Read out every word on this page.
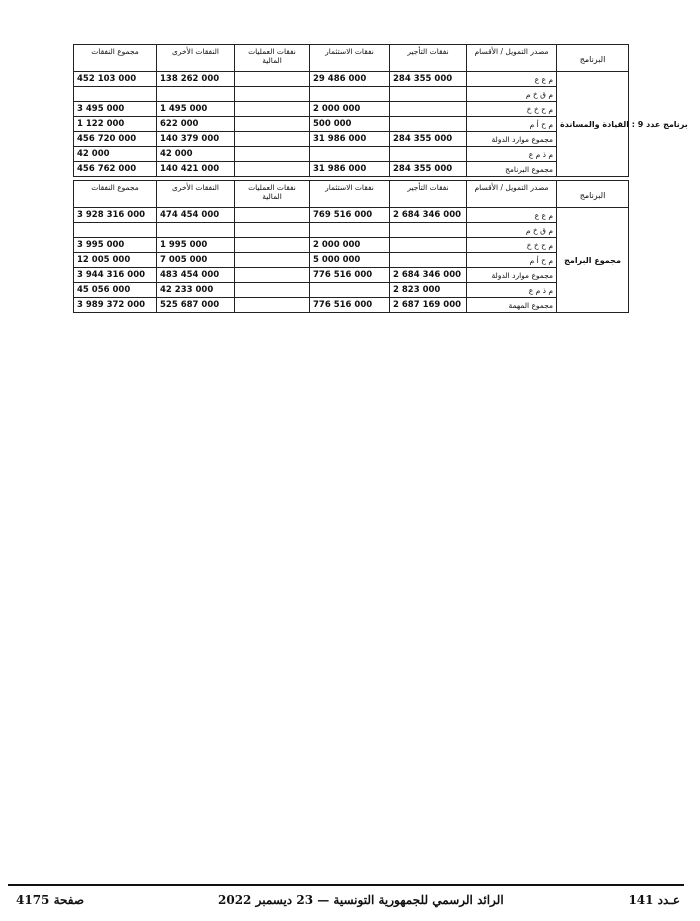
مجموع النفقات	النفقات الأخرى	نفقات العمليات المالية	نفقات الاستثمار	نفقات التأجير	مصدر التمويل / الأقسام	البرنامج
452 103 000	138 262 000		29 486 000	284 355 000	م ع ع	برنامج عدد 9 : القيادة والمساندة
					م ق خ م	
3 495 000	1 495 000		2 000 000		م ح خ خ	
1 122 000	622 000		500 000		م ح أ م	
456 720 000	140 379 000		31 986 000	284 355 000	مجموع موارد الدولة	
42 000	42 000				م ذ م ع	
456 762 000	140 421 000		31 986 000	284 355 000	مجموع البرنامج	
مجموع النفقات	النفقات الأخرى	نفقات العمليات المالية	نفقات الاستثمار	نفقات التأجير	مصدر التمويل / الأقسام	البرنامج
3 928 316 000	474 454 000		769 516 000	2 684 346 000	م ع ع	مجموع البرامج
					م ق خ م	
3 995 000	1 995 000		2 000 000		م ح خ خ	
12 005 000	7 005 000		5 000 000		م ح أ م	
3 944 316 000	483 454 000		776 516 000	2 684 346 000	مجموع موارد الدولة	
45 056 000	42 233 000			2 823 000	م ذ م ع	
3 989 372 000	525 687 000		776 516 000	2 687 169 000	مجموع المهمة	
صفحة 4175	الرائد الرسمي للجمهورية التونسية — 23 ديسمبر 2022	عـدد 141
